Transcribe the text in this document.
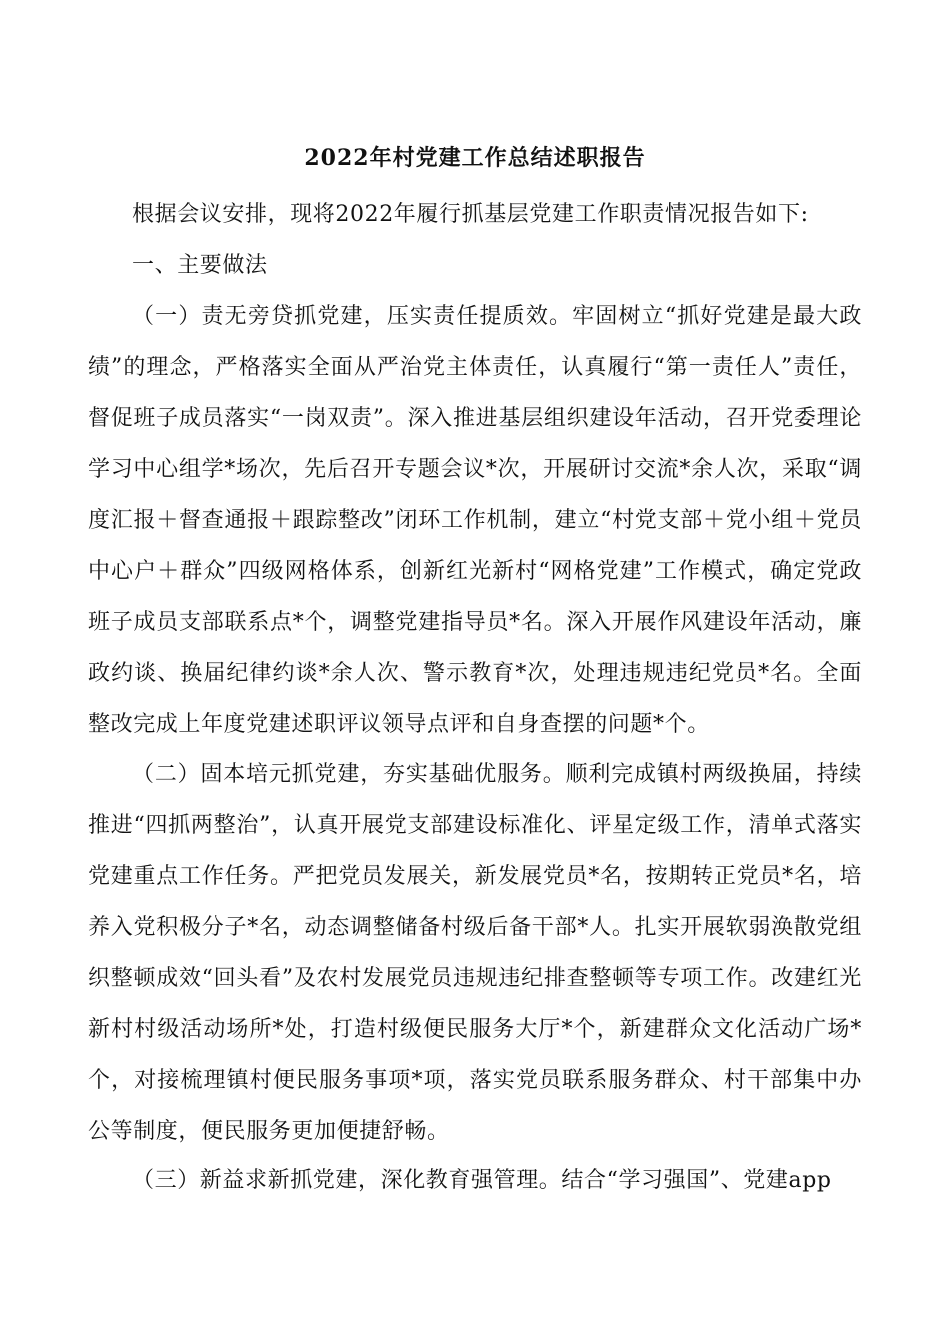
2022年村党建工作总结述职报告

根据会议安排，现将2022年履行抓基层党建工作职责情况报告如下:

一、主要做法

（一）责无旁贷抓党建，压实责任提质效。牢固树立“抓好党建是最大政绩”的理念，严格落实全面从严治党主体责任，认真履行“第一责任人”责任，督促班子成员落实“一岗双责”。深入推进基层组织建设年活动，召开党委理论学习中心组学*场次，先后召开专题会议*次，开展研讨交流*余人次，采取“调度汇报＋督查通报＋跟踪整改”闭环工作机制，建立“村党支部＋党小组＋党员中心户＋群众”四级网格体系，创新红光新村“网格党建”工作模式，确定党政班子成员支部联系点*个，调整党建指导员*名。深入开展作风建设年活动，廉政约谈、换届纪律约谈*余人次、警示教育*次，处理违规违纪党员*名。全面整改完成上年度党建述职评议领导点评和自身查摆的问题*个。

（二）固本培元抓党建，夯实基础优服务。顺利完成镇村两级换届，持续推进“四抓两整治”，认真开展党支部建设标准化、评星定级工作，清单式落实党建重点工作任务。严把党员发展关，新发展党员*名，按期转正党员*名，培养入党积极分子*名，动态调整储备村级后备干部*人。扎实开展软弱涣散党组织整顿成效“回头看”及农村发展党员违规违纪排查整顿等专项工作。改建红光新村村级活动场所*处，打造村级便民服务大厅*个，新建群众文化活动广场*个，对接梳理镇村便民服务事项*项，落实党员联系服务群众、村干部集中办公等制度，便民服务更加便捷舒畅。

（三）新益求新抓党建，深化教育强管理。结合“学习强国”、党建app
